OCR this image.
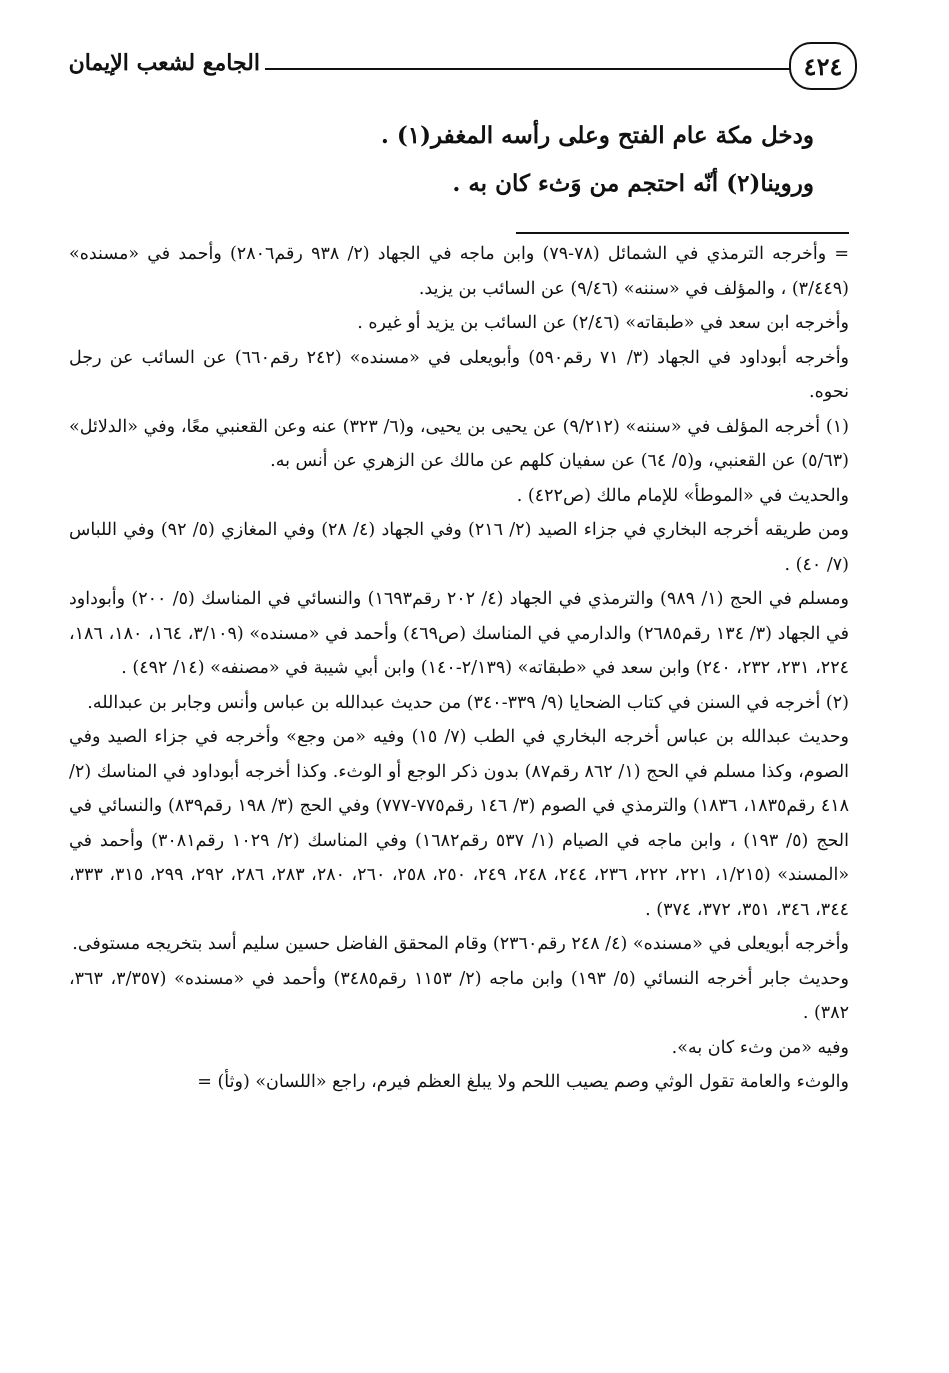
٤٢٤
الجامع لشعب الإيمان

ودخل مكة عام الفتح وعلى رأسه المغفر(١) .

وروينا(٢) أنّه احتجم من وَثء كان به .

= وأخرجه الترمذي في الشمائل (٧٨-٧٩) وابن ماجه في الجهاد (٢/ ٩٣٨ رقم٢٨٠٦) وأحمد في «مسنده» (٣/٤٤٩) ، والمؤلف في «سننه» (٩/٤٦) عن السائب بن يزيد.

وأخرجه ابن سعد في «طبقاته» (٢/٤٦) عن السائب بن يزيد أو غيره .

وأخرجه أبوداود في الجهاد (٣/ ٧١ رقم٥٩٠) وأبويعلى في «مسنده» (٢٤٢ رقم٦٦٠) عن السائب عن رجل نحوه.

(١) أخرجه المؤلف في «سننه» (٩/٢١٢) عن يحيى بن يحيى، و(٦/ ٣٢٣) عنه وعن القعنبي معًا، وفي «الدلائل» (٥/٦٣) عن القعنبي، و(٥/ ٦٤) عن سفيان كلهم عن مالك عن الزهري عن أنس به.

والحديث في «الموطأ» للإمام مالك (ص٤٢٢) .

ومن طريقه أخرجه البخاري في جزاء الصيد (٢/ ٢١٦) وفي الجهاد (٤/ ٢٨) وفي المغازي (٥/ ٩٢) وفي اللباس (٧/ ٤٠) .

ومسلم في الحج (١/ ٩٨٩) والترمذي في الجهاد (٤/ ٢٠٢ رقم١٦٩٣) والنسائي في المناسك (٥/ ٢٠٠) وأبوداود في الجهاد (٣/ ١٣٤ رقم٢٦٨٥) والدارمي في المناسك (ص٤٦٩) وأحمد في «مسنده» (٣/١٠٩، ١٦٤، ١٨٠، ١٨٦، ٢٢٤، ٢٣١، ٢٣٢، ٢٤٠) وابن سعد في «طبقاته» (٢/١٣٩-١٤٠) وابن أبي شيبة في «مصنفه» (١٤/ ٤٩٢) .

(٢) أخرجه في السنن في كتاب الضحايا (٩/ ٣٣٩-٣٤٠) من حديث عبدالله بن عباس وأنس وجابر بن عبدالله.

وحديث عبدالله بن عباس أخرجه البخاري في الطب (٧/ ١٥) وفيه «من وجع» وأخرجه في جزاء الصيد وفي الصوم، وكذا مسلم في الحج (١/ ٨٦٢ رقم٨٧) بدون ذكر الوجع أو الوثء. وكذا أخرجه أبوداود في المناسك (٢/ ٤١٨ رقم١٨٣٥، ١٨٣٦) والترمذي في الصوم (٣/ ١٤٦ رقم٧٧٥-٧٧٧) وفي الحج (٣/ ١٩٨ رقم٨٣٩) والنسائي في الحج (٥/ ١٩٣) ، وابن ماجه في الصيام (١/ ٥٣٧ رقم١٦٨٢) وفي المناسك (٢/ ١٠٢٩ رقم٣٠٨١) وأحمد في «المسند» (١/٢١٥، ٢٢١، ٢٢٢، ٢٣٦، ٢٤٤، ٢٤٨، ٢٤٩، ٢٥٠، ٢٥٨، ٢٦٠، ٢٨٠، ٢٨٣، ٢٨٦، ٢٩٢، ٢٩٩، ٣١٥، ٣٣٣، ٣٤٤، ٣٤٦، ٣٥١، ٣٧٢، ٣٧٤) .

وأخرجه أبويعلى في «مسنده» (٤/ ٢٤٨ رقم٢٣٦٠) وقام المحقق الفاضل حسين سليم أسد بتخريجه مستوفى.

وحديث جابر أخرجه النسائي (٥/ ١٩٣) وابن ماجه (٢/ ١١٥٣ رقم٣٤٨٥) وأحمد في «مسنده» (٣/٣٥٧، ٣٦٣، ٣٨٢) .

وفيه «من وثء كان به».

والوثء والعامة تقول الوثي وصم يصيب اللحم ولا يبلغ العظم فيرم، راجع «اللسان» (وثأ) =
